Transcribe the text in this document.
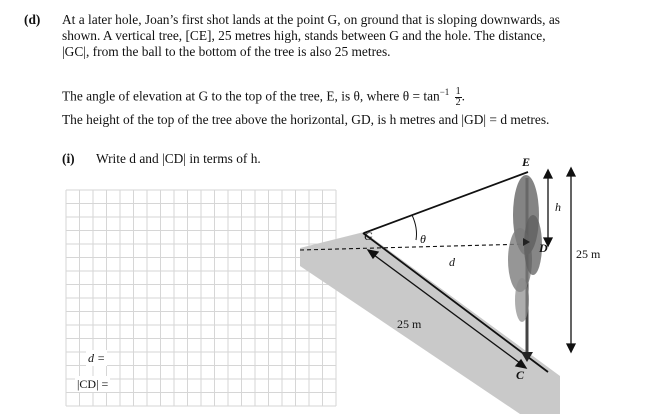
(d) At a later hole, Joan’s first shot lands at the point G, on ground that is sloping downwards, as
shown. A vertical tree, [CE], 25 metres high, stands between G and the hole. The distance,
|GC|, from the ball to the bottom of the tree is also 25 metres.
The angle of elevation at G to the top of the tree, E, is θ, where $\theta = \tan^{-1} \frac{1}{2}$ .
The height of the top of the tree above the horizontal, GD, is h metres and |GD| = d metres.
(i) Write d and |CD| in terms of h.	E
G	θ
d
D
h
25 m
25 m
C
d =
|CD| =
